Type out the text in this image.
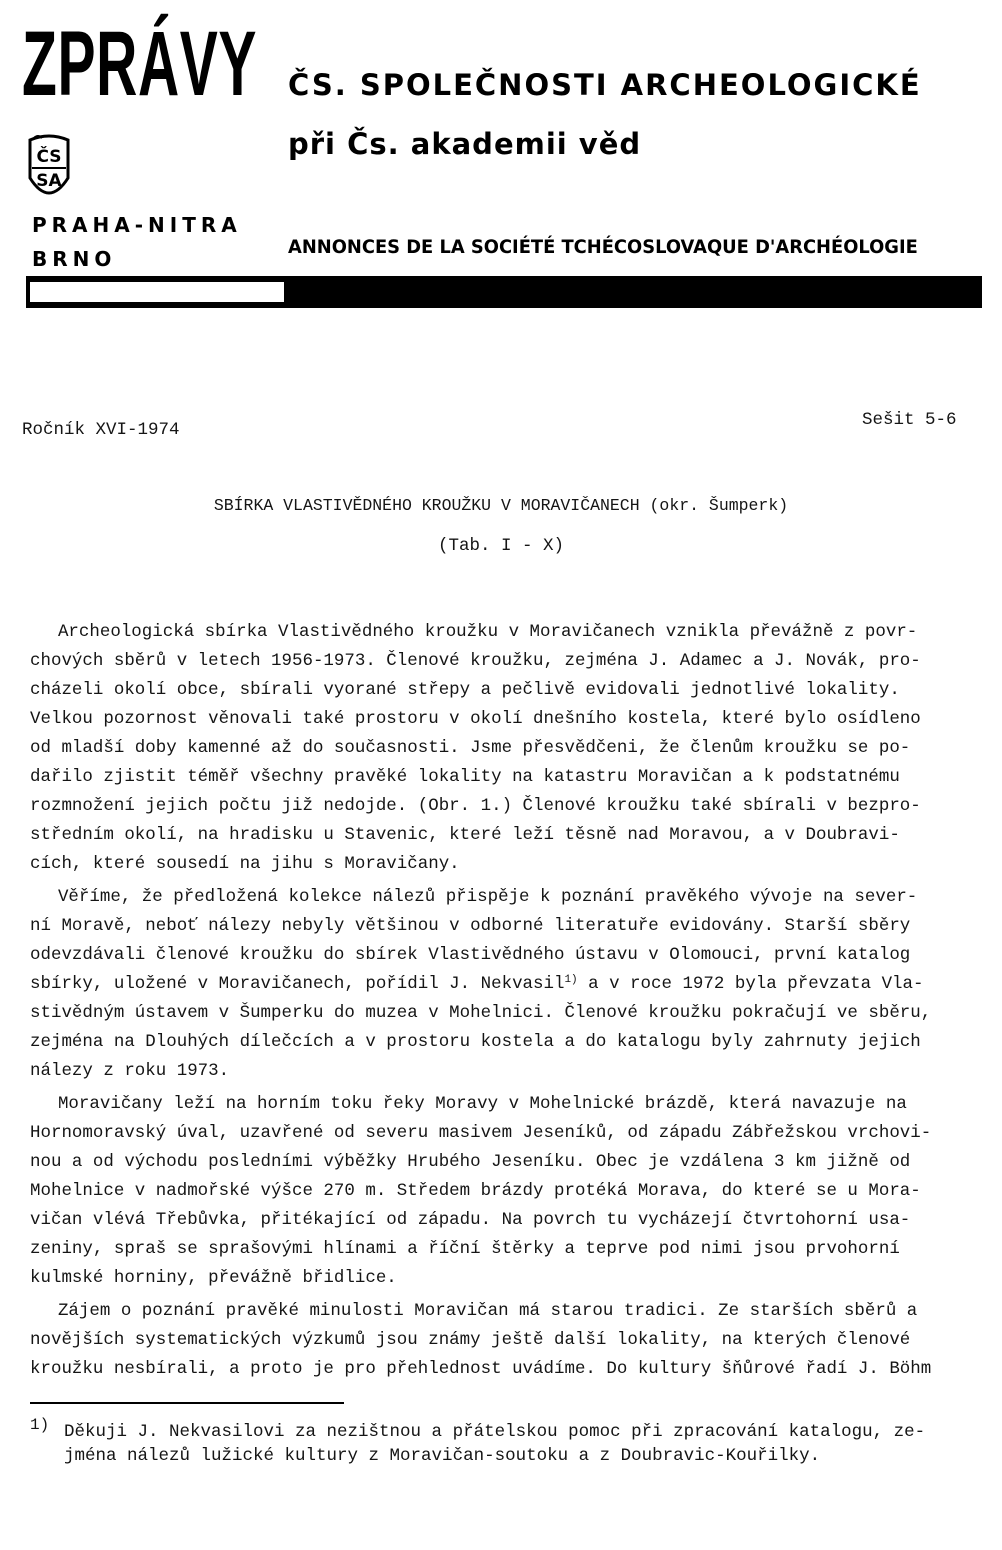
ZPRÁVY ČS. SPOLEČNOSTI ARCHEOLOGICKÉ
při Čs. akademii věd
ČS
SA
PRAHA-NITRA
BRNO	ANNONCES DE LA SOCIÉTÉ TCHÉCOSLOVAQUE D'ARCHÉOLOGIE
Ročník XVI-1974	Sešit 5-6
SBÍRKA VLASTIVĚDNÉHO KROUŽKU V MORAVIČANECH (okr. Šumperk)
(Tab. I - X)
Archeologická sbírka Vlastivědného kroužku v Moravičanech vznikla převážně z povr-
chových sběrů v letech 1956-1973. Členové kroužku, zejména J. Adamec a J. Novák, pro-
cházeli okolí obce, sbírali vyorané střepy a pečlivě evidovali jednotlivé lokality.
Velkou pozornost věnovali také prostoru v okolí dnešního kostela, které bylo osídleno
od mladší doby kamenné až do současnosti. Jsme přesvědčeni, že členům kroužku se po-
dařilo zjistit téměř všechny pravěké lokality na katastru Moravičan a k podstatnému
rozmnožení jejich počtu již nedojde. (Obr. 1.) Členové kroužku také sbírali v bezpro-
středním okolí, na hradisku u Stavenic, které leží těsně nad Moravou, a v Doubravi-
cích, které sousedí na jihu s Moravičany.
Věříme, že předložená kolekce nálezů přispěje k poznání pravěkého vývoje na sever-
ní Moravě, neboť nálezy nebyly většinou v odborné literatuře evidovány. Starší sběry
odevzdávali členové kroužku do sbírek Vlastivědného ústavu v Olomouci, první katalog
sbírky, uložené v Moravičanech, pořídil J. Nekvasil$^{1)}$ a v roce 1972 byla převzata Vla-
stivědným ústavem v Šumperku do muzea v Mohelnici. Členové kroužku pokračují ve sběru,
zejména na Dlouhých dílečcích a v prostoru kostela a do katalogu byly zahrnuty jejich
nálezy z roku 1973.
Moravičany leží na horním toku řeky Moravy v Mohelnické brázdě, která navazuje na
Hornomoravský úval, uzavřené od severu masivem Jeseníků, od západu Zábřežskou vrchovi-
nou a od východu posledními výběžky Hrubého Jeseníku. Obec je vzdálena 3 km jižně od
Mohelnice v nadmořské výšce 270 m. Středem brázdy protéká Morava, do které se u Mora-
vičan vlévá Třebůvka, přitékající od západu. Na povrch tu vycházejí čtvrtohorní usa-
zeniny, spraš se sprašovými hlínami a říční štěrky a teprve pod nimi jsou prvohorní
kulmské horniny, převážně břidlice.
Zájem o poznání pravěké minulosti Moravičan má starou tradici. Ze starších sběrů a
novějších systematických výzkumů jsou známy ještě další lokality, na kterých členové
kroužku nesbírali, a proto je pro přehlednost uvádíme. Do kultury šňůrové řadí J. Böhm
1) Děkuji J. Nekvasilovi za nezištnou a přátelskou pomoc při zpracování katalogu, ze-
jména nálezů lužické kultury z Moravičan-soutoku a z Doubravic-Kouřilky.
